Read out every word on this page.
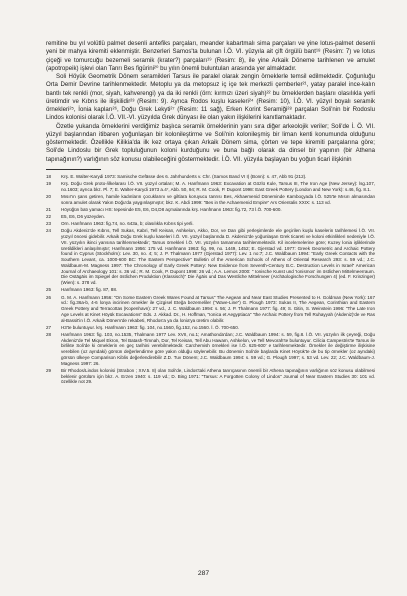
remitine bu yıl volütlü palmet desenli antefiks parçaları, meander kabartmalı sima parçaları ve yine lotus-palmet desenli yeni bir mahya kiremiti eklenmiştir. Benzerleri Samos'ta bulunan İ.Ö. VI. yüzyıla ait çift örgülü bant¹⁸ (Resim: 7) ve lotus çiçeği ve tomurcuğu bezemeli seramik (krater?) parçaları¹⁹ (Resim: 8), ile yine Arkaik Döneme tarihlenen ve amulet (apotropeik) işlevi olan Tanrı Bes figürini²⁰ bu yılın önemli buluntuları arasında yer almaktadır.

Soli Höyük Geometrik Dönem seramikleri Tarsus ile paralel olarak zengin örneklerle temsil edilmektedir. Çoğunluğu Orta Demir Devrine tarihlenmektedir. Metoplu ya da metopsuz iç içe tek merkezli çemberler²¹, yatay paralel ince-kalın bantlı tek renkli (mor, siyah, kahverengi) ya da iki renkli (örn: kırmızı üzeri siyah)²² bu örneklerden başlarıı olasılıkla yerli üretimdir ve Kıbrıs ile ilişkilidir²³ (Resim: 9). Ayrıca Rodos kuşlu kaseleri²⁴ (Resim: 10), İ.Ö. VI. yüzyıl boyalı seramik örnekleri²⁵, İonia kapları²⁶, Doğu Grek Lekyti²⁷ (Resim: 11 sağ), Erken Korint Seramiği²⁸ parçaları Soli'nin bir Rodoslu Lindos kolonisi olarak İ.Ö. VII.-VI. yüzyılda Grek dünyası ile olan yakın ilişkilerini kanıtlamaktadır.

Özetle yukarıda örneklerini verdiğimiz başlıca seramik örneklerinin yanı sıra diğer arkeolojik veriler; Soli'de İ. Ö. VII. yüzyıl başlarından itibaren yoğunlaşan bir kolonileştirme ve Soli'nin kolonileşmiş bir liman kenti konumunda olduğunu göstermektedir. Özellikle Kilikia'da ilk kez ortaya çıkan Arkaik Dönem sima, çörten ve tepe kiremiti parçalarına göre; Soli'de Lindoslu bir Grek topluluğunun koloni kurduğunu ve buna bağlı olarak da dinsel bir yapının (bir Athena tapınağının?) varlığının söz konusu olabileceğini göstermektedir. İ.Ö. VII. yüzyıla başlayan bu yoğun ticari ilişkinin

18	Krş. E. Walter-Karydi 1973: Samische Gefässe des 6. Jahrhunderts v. Chr. (Samos Band VI I) (Bonn): s. 47, Abb 91 (212).
19	Krş. Doğu Grek proto-/ilkelarası İ.Ö. VII. yüzyıl ortaları; M. A. Hanfmann 1963: Excavation at Gözlü Kule, Tarsus III, The Iron Age (New Jersey): lsg.107, no.1603; ayrıca bkz. Pl. 7; E. Walter-Karydi 1973 a.4⁷, Abb. 50, 94; R. M. Cook, P. Dupont 1998: East Greek Pottery (London and New York): s.46, fig. 8.1.
20	Mısır'ın şans getiren, hamile kadınların çocuklarını ve giltlara koruyucu tanrısı Bes, Akhaemenid Döneminde Kamboçyada İ.Ö. 525'te Mısırı almasından sonra amulet olarak Yakın Doğu'da yaygınlaşmıştır; bkz. K. Abdi 1999: "Bes in the Achaemenid Empire" Ars Orientalis XXIX: s. 113 vd.
21	Höyüğün batı yamacı HS: tepesinde E5, E6, D4,D8 açmalarında krş. Hanfmann 1963: fig.72, 73 İ.Ö. 700-600.
22	E5, E6, D6 yüzeyden.
23	Orn. Hanfmann 1963: fig.74, no. 643a, b; olasılıkla Kıbrıs tipi yerli.
24	Doğu Akdeniz'de Kıbrıs, Tell Sukas, Kabri, Tell Keisan, Ashkelon, Akko, Dor, ve Dan gibi yerleşimlerde ele geçirilen kuşlu kaselerin tarihlemesi İ.Ö. VII. yüzyıl öncesi gidebilir. Arkaik Doğu Grek kuşlu kaseleri İ.Ö. VII. yüzyıl başlarında D. Akdeniz'de yoğunlaşan Grek ticareti ve koloni etkinlikleri nedeniyle İ.Ö. VII. yüzyılın ikinci yarısına tarihlenmektedir; Tarsus örnekleri İ.Ö. VII. yüzyılın tamamına tarihlenmektedir. Kil incelemelerine göre; Kuzey İonia işliklerinde üretildikleri anlaşılmıştır; Hanfmann 1956: 175 vd. Hanfmann 1963: fig. 99, no. 1449, 1452; E. Gjerstad vd. 1977: Greek Geometric and Archaic Pottery found in Cyprus (Stockholm): Lev. 30, no. 4; 5; J. P. Thalmann 1977 (Gjerstad 1977): Lev. 1 no:7; J.C. Waldbaum 1994: "Early Greek Contacts with the Southern Levant, ca. 1000-600 BC: The Eastern Perspective" Bulletin of the American Schools of Athens of Oriental Research 293: s. 59 vd.; J.C. Waldbaum-M. Magness 1997: The Chronology of Early Greek Pottery: New Evidence from Seventh-Century B.C. Destruction Levels in Israel" American Journal of Archaeology 101: s. 36 vd.; R. M. Cook, P. Dupont 1998: 26 vd.; A.A. Lemos 2000: " Ionische Kunst und 'Ionismos' im östlichen Mittelmeerraum. Die Ostägäis im Spiegel der östlichen Produktion (Klassisch)" Die Ägäis und Das Westliche Mittelmeer (Archäologische Forschungen 4) (ed. F. Krinzinger) (Wien): s. 378 vd.
25	Hanfmann 1963: fig. 87, 88.
26	G. M. A. Hanfmann 1956: "On Some Eastern Greek Wares Found at Tarsus" The Aegean and Near East Studies Presented to H. Goldman (New York): 167 vd.: fig.36a-b, 4-6 İonya incirinen örnekler ile Çizgisel Eteğa bezemeliler ("Wave-Line") G. Plough 1973: Sukas II, The Aegean, Corinthian and Eastern Greek Pottery and Terracottas (Kopenhavn): 27 vd., J. C. Waldbaum 1994: s. 56; J. P. Thalmann 1977: fig. 49; S. Gitin, S. Weinstein 1996: "The Late Iron Age Levels at Kinet Höyük Excavations" Eds. J. Akkad. Dr., H. Hoffman, "Ionica et Aegyptiaca" "the Archaic Pottery from Tell Ruhayyah (Akdeniz)'de ve Ras al-Bassit'in İ.Ö. Arkaik Dönem'de rekabeti, Rhodos'a ya da İonia'ya üretim olabilir.
27	H3'te buluntuyur. krş. Hanfmann 1963: fig. 104, no.1560, fig.152, no.1560. İ. Ö. 700-650.
28	Hanfmann 1963: fig. 103, no.1535, Thalmann 1977 Lev. XVII, no.1; Amathonda'dan; J.C. Waldbaum 1994: s. 59, fig.8. İ.Ö. VII. yüzyılın ilk çeyreği, Doğu Akdeniz'de Tel Miquel Ekron, Tel Batash-Timnah, Dor, Tel Keisan, Tell Abu Hawam, Ashkelon, ve Tell Mevorah'te buluntuyur. Cilicia Campestris'te Tarsus ile birlikte Soli'de ki örneklerin en geç tarihini verebilmektedir. Carchemish örnekleri ise İ.Ö. 625-600' e tarihlenmektedir. Örnekler ile değiştirme ilişkisine verebilen (oz ayrıdaki) görsün değerlendirme göre yakın olduğu söylenebilir. Bu dönemin Soli'de başlarda Kinet Höyük'te de bu tip örnekler (oz ayrıdaki) görsün ülkeye Comparison Kiblis değerlendirebilir Z.D. Tuv Dönem; J.C. Waldbaum 1994: s. 59 vd.; G. Plough 1997; s. 53 vd. Lev. 22; J.C. Waldbaum-J. Magness 1997: 26.
29	Bir Rhodos/Lindos kolonisi (Strabon ; XIV.5. 8) olan Soli'de, Lindos'taki Athena tanrıçasının önemli bir Athena tapınağının varlığının söz konusu olabilmesi beklenir görülüm için bkz. A. Erzen 1940: s. 119 vd.; D. Bing 1971: "Tarsus: A Forgotten Colony of Lindos" Journal of Near Eastern Studies 30: 101 vd. özellikle not 29.
287
